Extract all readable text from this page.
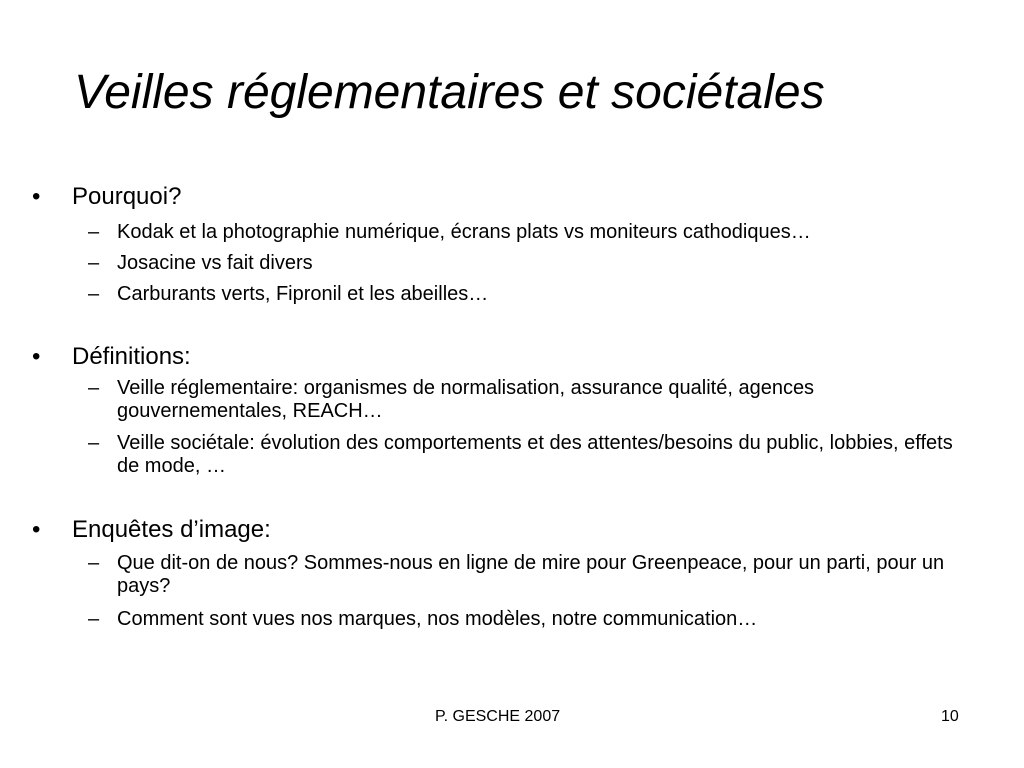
Veilles réglementaires et sociétales
• Pourquoi?
– Kodak et la photographie numérique, écrans plats vs moniteurs cathodiques…
– Josacine vs fait divers
– Carburants verts, Fipronil et les abeilles…
• Définitions:
– Veille réglementaire: organismes de normalisation, assurance qualité, agences gouvernementales, REACH…
– Veille sociétale: évolution des comportements et des attentes/besoins du public, lobbies, effets de mode, …
• Enquêtes d’image:
– Que dit-on de nous? Sommes-nous en ligne de mire pour Greenpeace, pour un parti, pour un pays?
– Comment sont vues nos marques, nos modèles, notre communication…
P. GESCHE 2007	10
